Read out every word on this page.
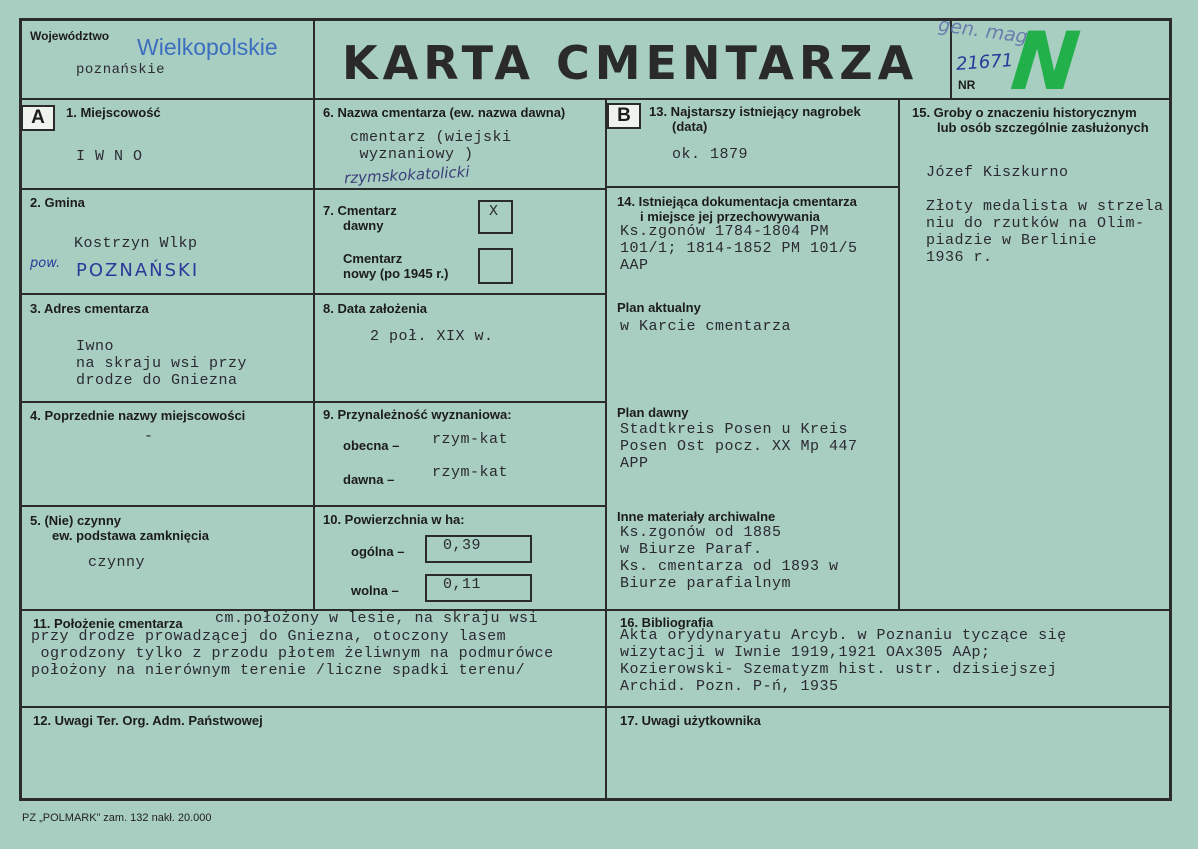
Województwo Wielkopolskie
poznańskie	KARTA CMENTARZA	NR
21671
gen. mag
N
A	B
1. Miejscowość
I W N O
2. Gmina
Kostrzyn Wlkp
pow. POZNAŃSKI
3. Adres cmentarza
Iwno
na skraju wsi przy
drodze do Gniezna
4. Poprzednie nazwy miejscowości
-
5. (Nie) czynny
ew. podstawa zamknięcia
czynny
6. Nazwa cmentarza (ew. nazwa dawna)
cmentarz (wiejski
wyznaniowy )
rzymskokatolicki
7. Cmentarz
dawny
X
Cmentarz
nowy (po 1945 r.)
8. Data założenia
2 poł. XIX w.
9. Przynależność wyznaniowa:
obecna – rzym-kat
dawna –	rzym-kat
10. Powierzchnia w ha:
ogólna –	0,39
wolna –	0,11
13. Najstarszy istniejący nagrobek
(data)
ok. 1879
14. Istniejąca dokumentacja cmentarza
i miejsce jej przechowywania
Ks.zgonów 1784-1804 PM
101/1; 1814-1852 PM 101/5
AAP
Plan aktualny
w Karcie cmentarza
Plan dawny
Stadtkreis Posen u Kreis
Posen Ost pocz. XX Mp 447
APP
Inne materiały archiwalne
Ks.zgonów od 1885
w Biurze Paraf.
Ks. cmentarza od 1893 w
Biurze parafialnym
15. Groby o znaczeniu historycznym
lub osób szczególnie zasłużonych
Józef Kiszkurno

Złoty medalista w strzela
niu do rzutków na Olim-
piadzie w Berlinie
1936 r.
11. Położenie cmentarza cm.położony w lesie, na skraju wsi
przy drodze prowadzącej do Gniezna, otoczony lasem
ogrodzony tylko z przodu płotem żeliwnym na podmurówce
położony na nierównym terenie /liczne spadki terenu/
16. Bibliografia
Akta orydynaryatu Arcyb. w Poznaniu tyczące się
wizytacji w Iwnie 1919,1921 OAx305 AAp;
Kozierowski- Szematyzm hist. ustr. dzisiejszej
Archid. Pozn. P-ń, 1935
12. Uwagi Ter. Org. Adm. Państwowej	17. Uwagi użytkownika
PZ „POLMARK” zam. 132 nakł. 20.000
